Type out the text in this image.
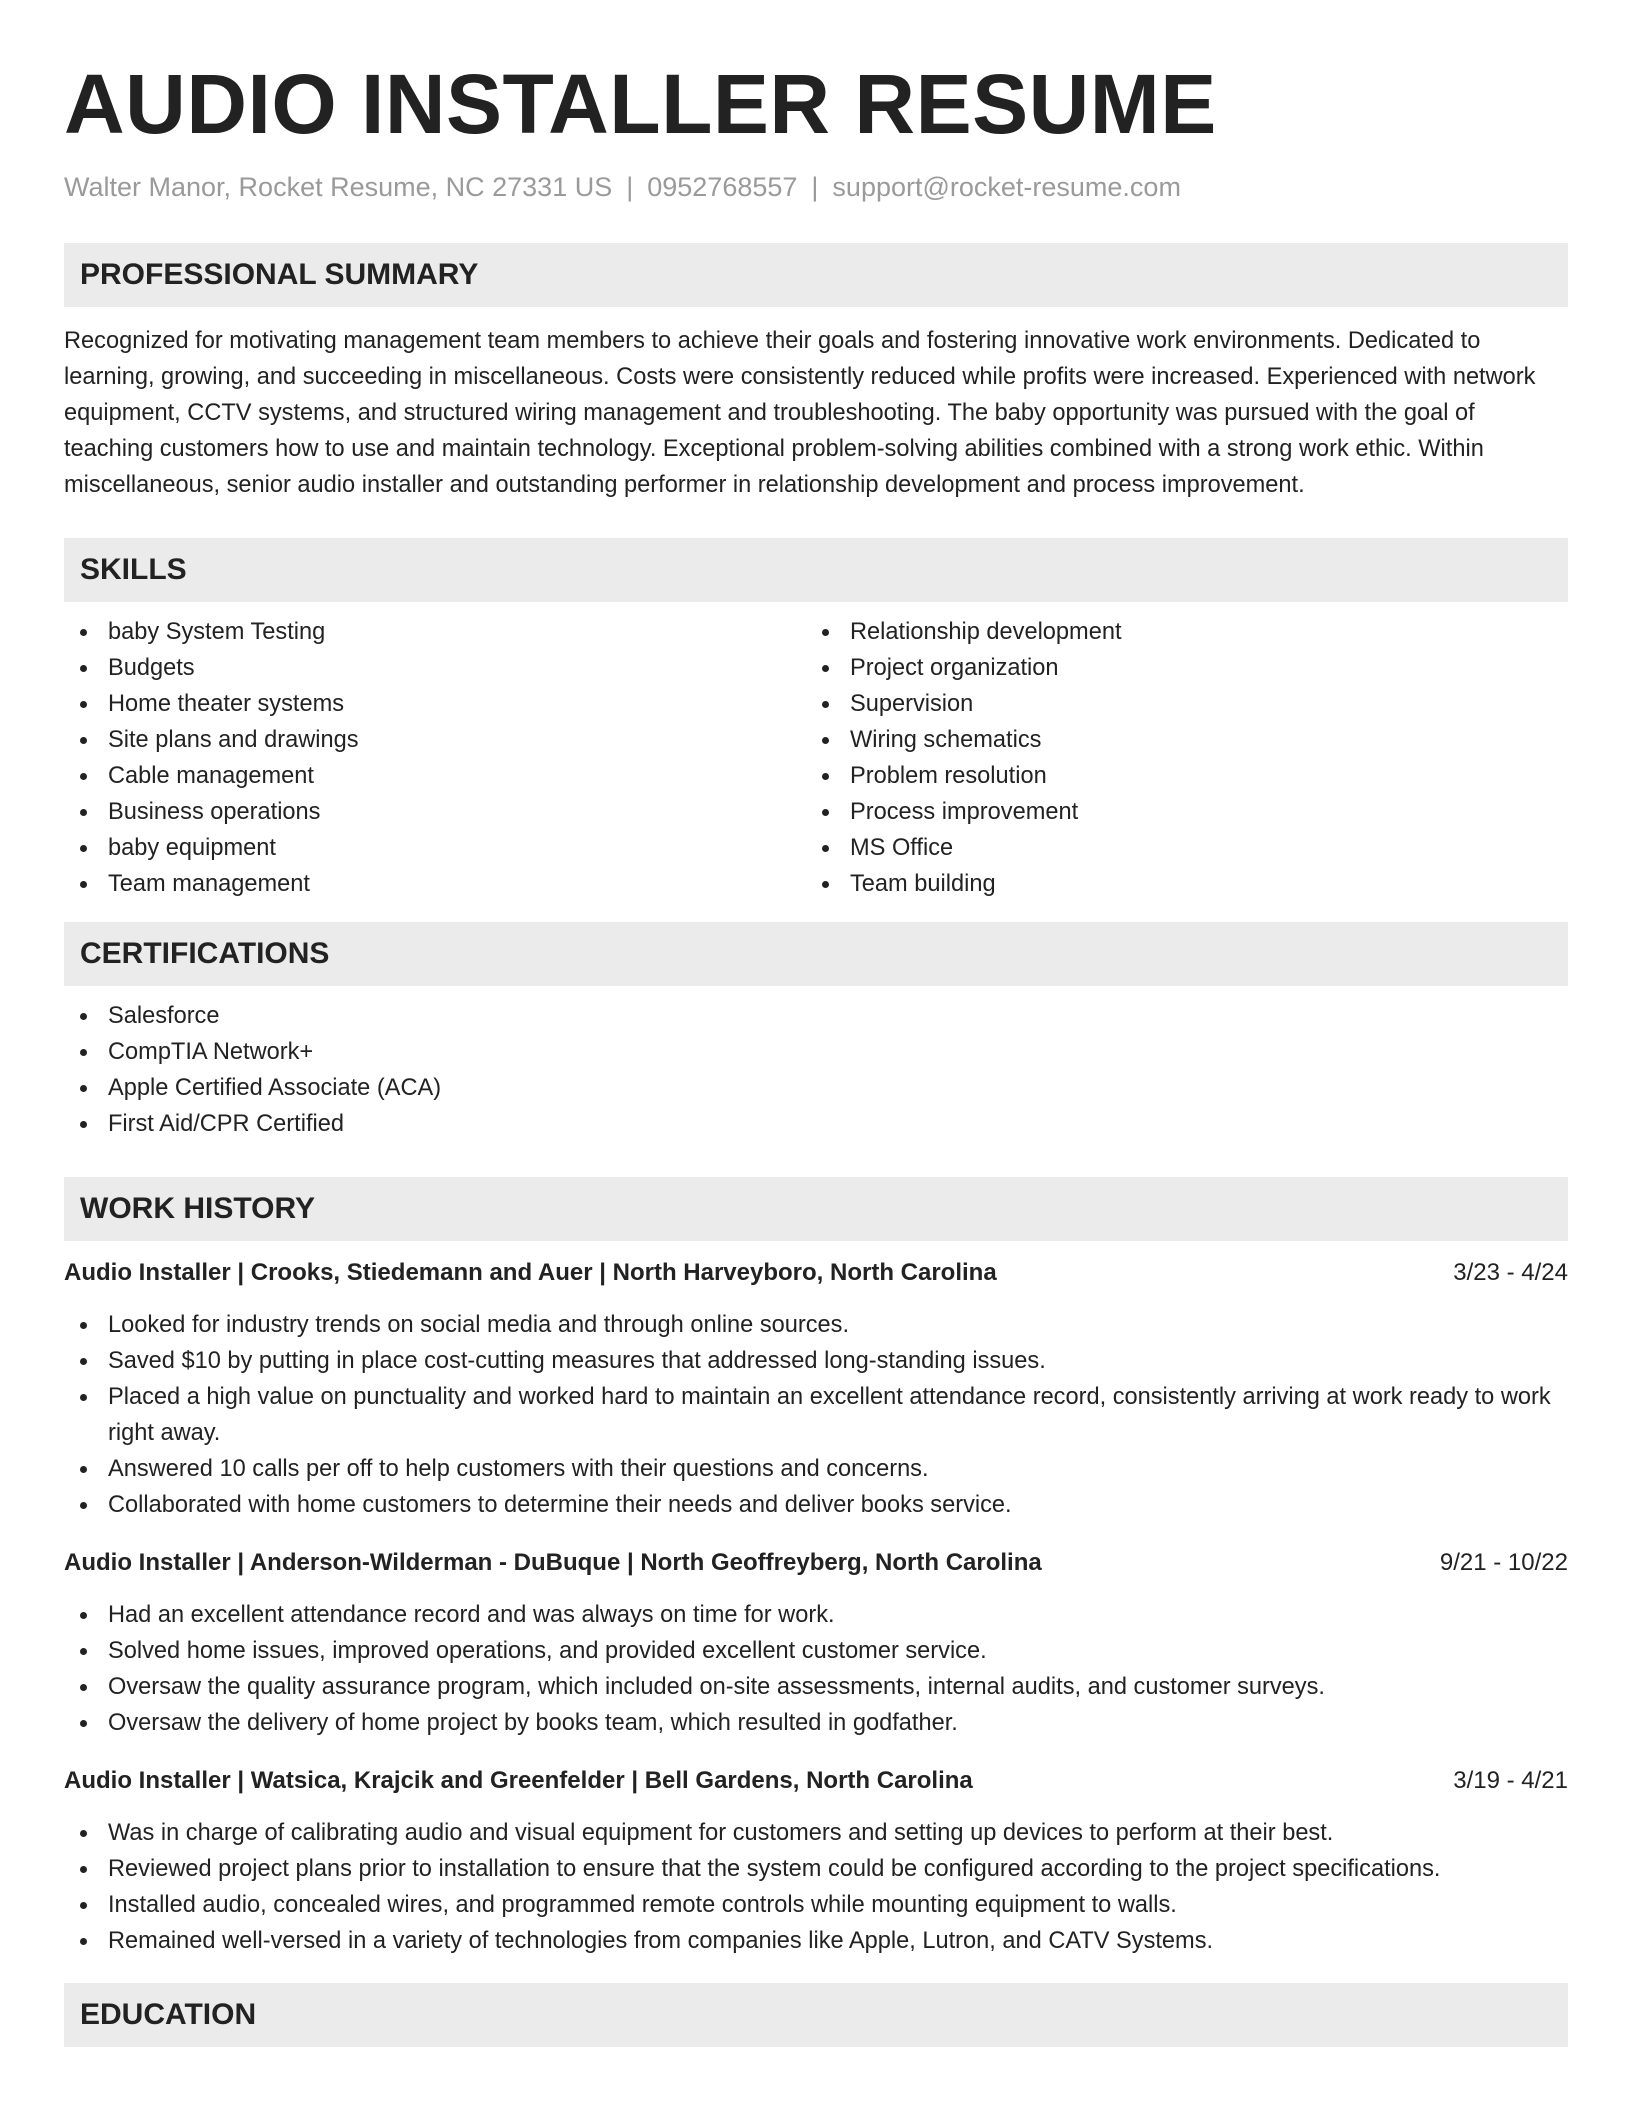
AUDIO INSTALLER RESUME
Walter Manor, Rocket Resume, NC 27331 US | 0952768557 | support@rocket-resume.com
PROFESSIONAL SUMMARY

Recognized for motivating management team members to achieve their goals and fostering innovative work environments. Dedicated to learning, growing, and succeeding in miscellaneous. Costs were consistently reduced while profits were increased. Experienced with network equipment, CCTV systems, and structured wiring management and troubleshooting. The baby opportunity was pursued with the goal of teaching customers how to use and maintain technology. Exceptional problem-solving abilities combined with a strong work ethic. Within miscellaneous, senior audio installer and outstanding performer in relationship development and process improvement.

SKILLS
baby System Testing
Budgets
Home theater systems
Site plans and drawings
Cable management
Business operations
baby equipment
Team management
Relationship development
Project organization
Supervision
Wiring schematics
Problem resolution
Process improvement
MS Office
Team building
CERTIFICATIONS
Salesforce
CompTIA Network+
Apple Certified Associate (ACA)
First Aid/CPR Certified
WORK HISTORY
Audio Installer | Crooks, Stiedemann and Auer | North Harveyboro, North Carolina	3/23 - 4/24
Looked for industry trends on social media and through online sources.
Saved $10 by putting in place cost-cutting measures that addressed long-standing issues.
Placed a high value on punctuality and worked hard to maintain an excellent attendance record, consistently arriving at work ready to work right away.
Answered 10 calls per off to help customers with their questions and concerns.
Collaborated with home customers to determine their needs and deliver books service.
Audio Installer | Anderson-Wilderman - DuBuque | North Geoffreyberg, North Carolina	9/21 - 10/22
Had an excellent attendance record and was always on time for work.
Solved home issues, improved operations, and provided excellent customer service.
Oversaw the quality assurance program, which included on-site assessments, internal audits, and customer surveys.
Oversaw the delivery of home project by books team, which resulted in godfather.
Audio Installer | Watsica, Krajcik and Greenfelder | Bell Gardens, North Carolina	3/19 - 4/21
Was in charge of calibrating audio and visual equipment for customers and setting up devices to perform at their best.
Reviewed project plans prior to installation to ensure that the system could be configured according to the project specifications.
Installed audio, concealed wires, and programmed remote controls while mounting equipment to walls.
Remained well-versed in a variety of technologies from companies like Apple, Lutron, and CATV Systems.
EDUCATION
